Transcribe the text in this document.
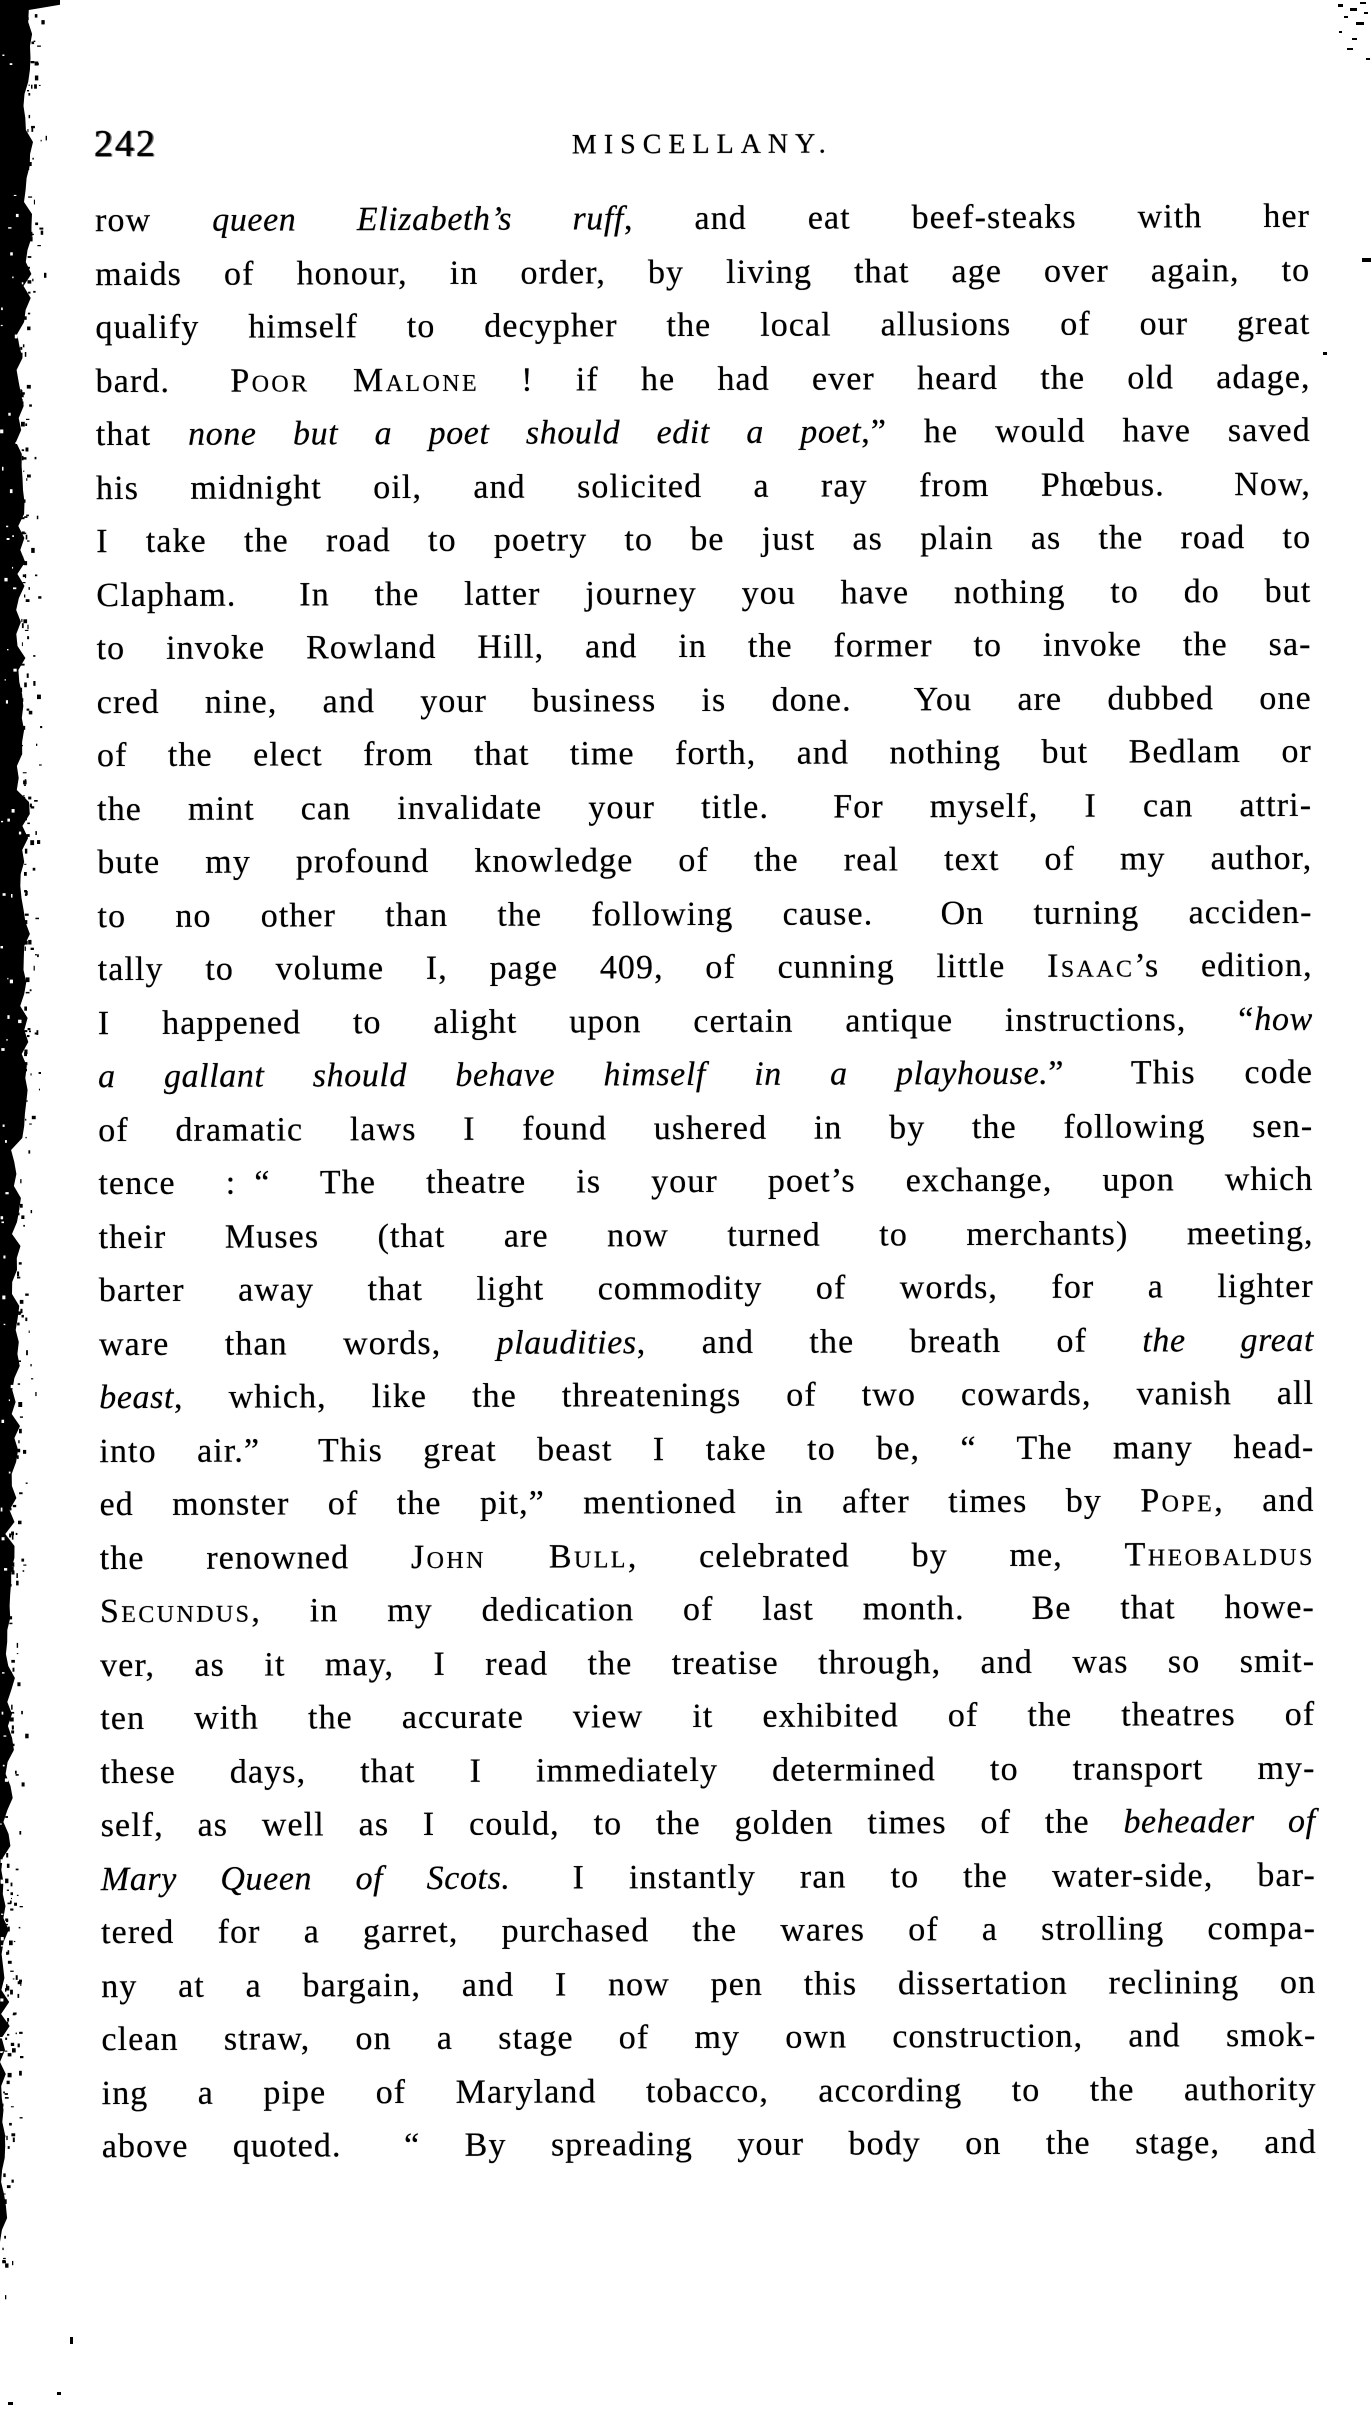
242	MISCELLANY.
row queen Elizabeth’s ruff, and eat beef-steaks with her
maids of honour, in order, by living that age over again, to
qualify himself to decypher the local allusions of our great
bard.  Poor Malone ! if he had ever heard the old adage,
that none but a poet should edit a poet,” he would have saved
his midnight oil, and solicited a ray from Phœbus.  Now,
I take the road to poetry to be just as plain as the road to
Clapham.  In the latter journey you have nothing to do but
to invoke Rowland Hill, and in the former to invoke the sa-
cred nine, and your business is done.  You are dubbed one
of the elect from that time forth, and nothing but Bedlam or
the mint can invalidate your title.  For myself, I can attri-
bute my profound knowledge of the real text of my author,
to no other than the following cause.  On turning acciden-
tally to volume I, page 409, of cunning little Isaac’s edition,
I happened to alight upon certain antique instructions, “how
a gallant should behave himself in a playhouse.”  This code
of dramatic laws I found ushered in by the following sen-
tence : “ The theatre is your poet’s exchange, upon which
their Muses (that are now turned to merchants) meeting,
barter away that light commodity of words, for a lighter
ware than words, plaudities, and the breath of the great
beast, which, like the threatenings of two cowards, vanish all
into air.”  This great beast I take to be, “ The many head-
ed monster of the pit,” mentioned in after times by Pope, and
the renowned John Bull, celebrated by me, Theobaldus
Secundus, in my dedication of last month.  Be that howe-
ver, as it may, I read the treatise through, and was so smit-
ten with the accurate view it exhibited of the theatres of
these days, that I immediately determined to transport my-
self, as well as I could, to the golden times of the beheader of
Mary Queen of Scots.  I instantly ran to the water-side, bar-
tered for a garret, purchased the wares of a strolling compa-
ny at a bargain, and I now pen this dissertation reclining on
clean straw, on a stage of my own construction, and smok-
ing a pipe of Maryland tobacco, according to the authority
above quoted.  “ By spreading your body on the stage, and
